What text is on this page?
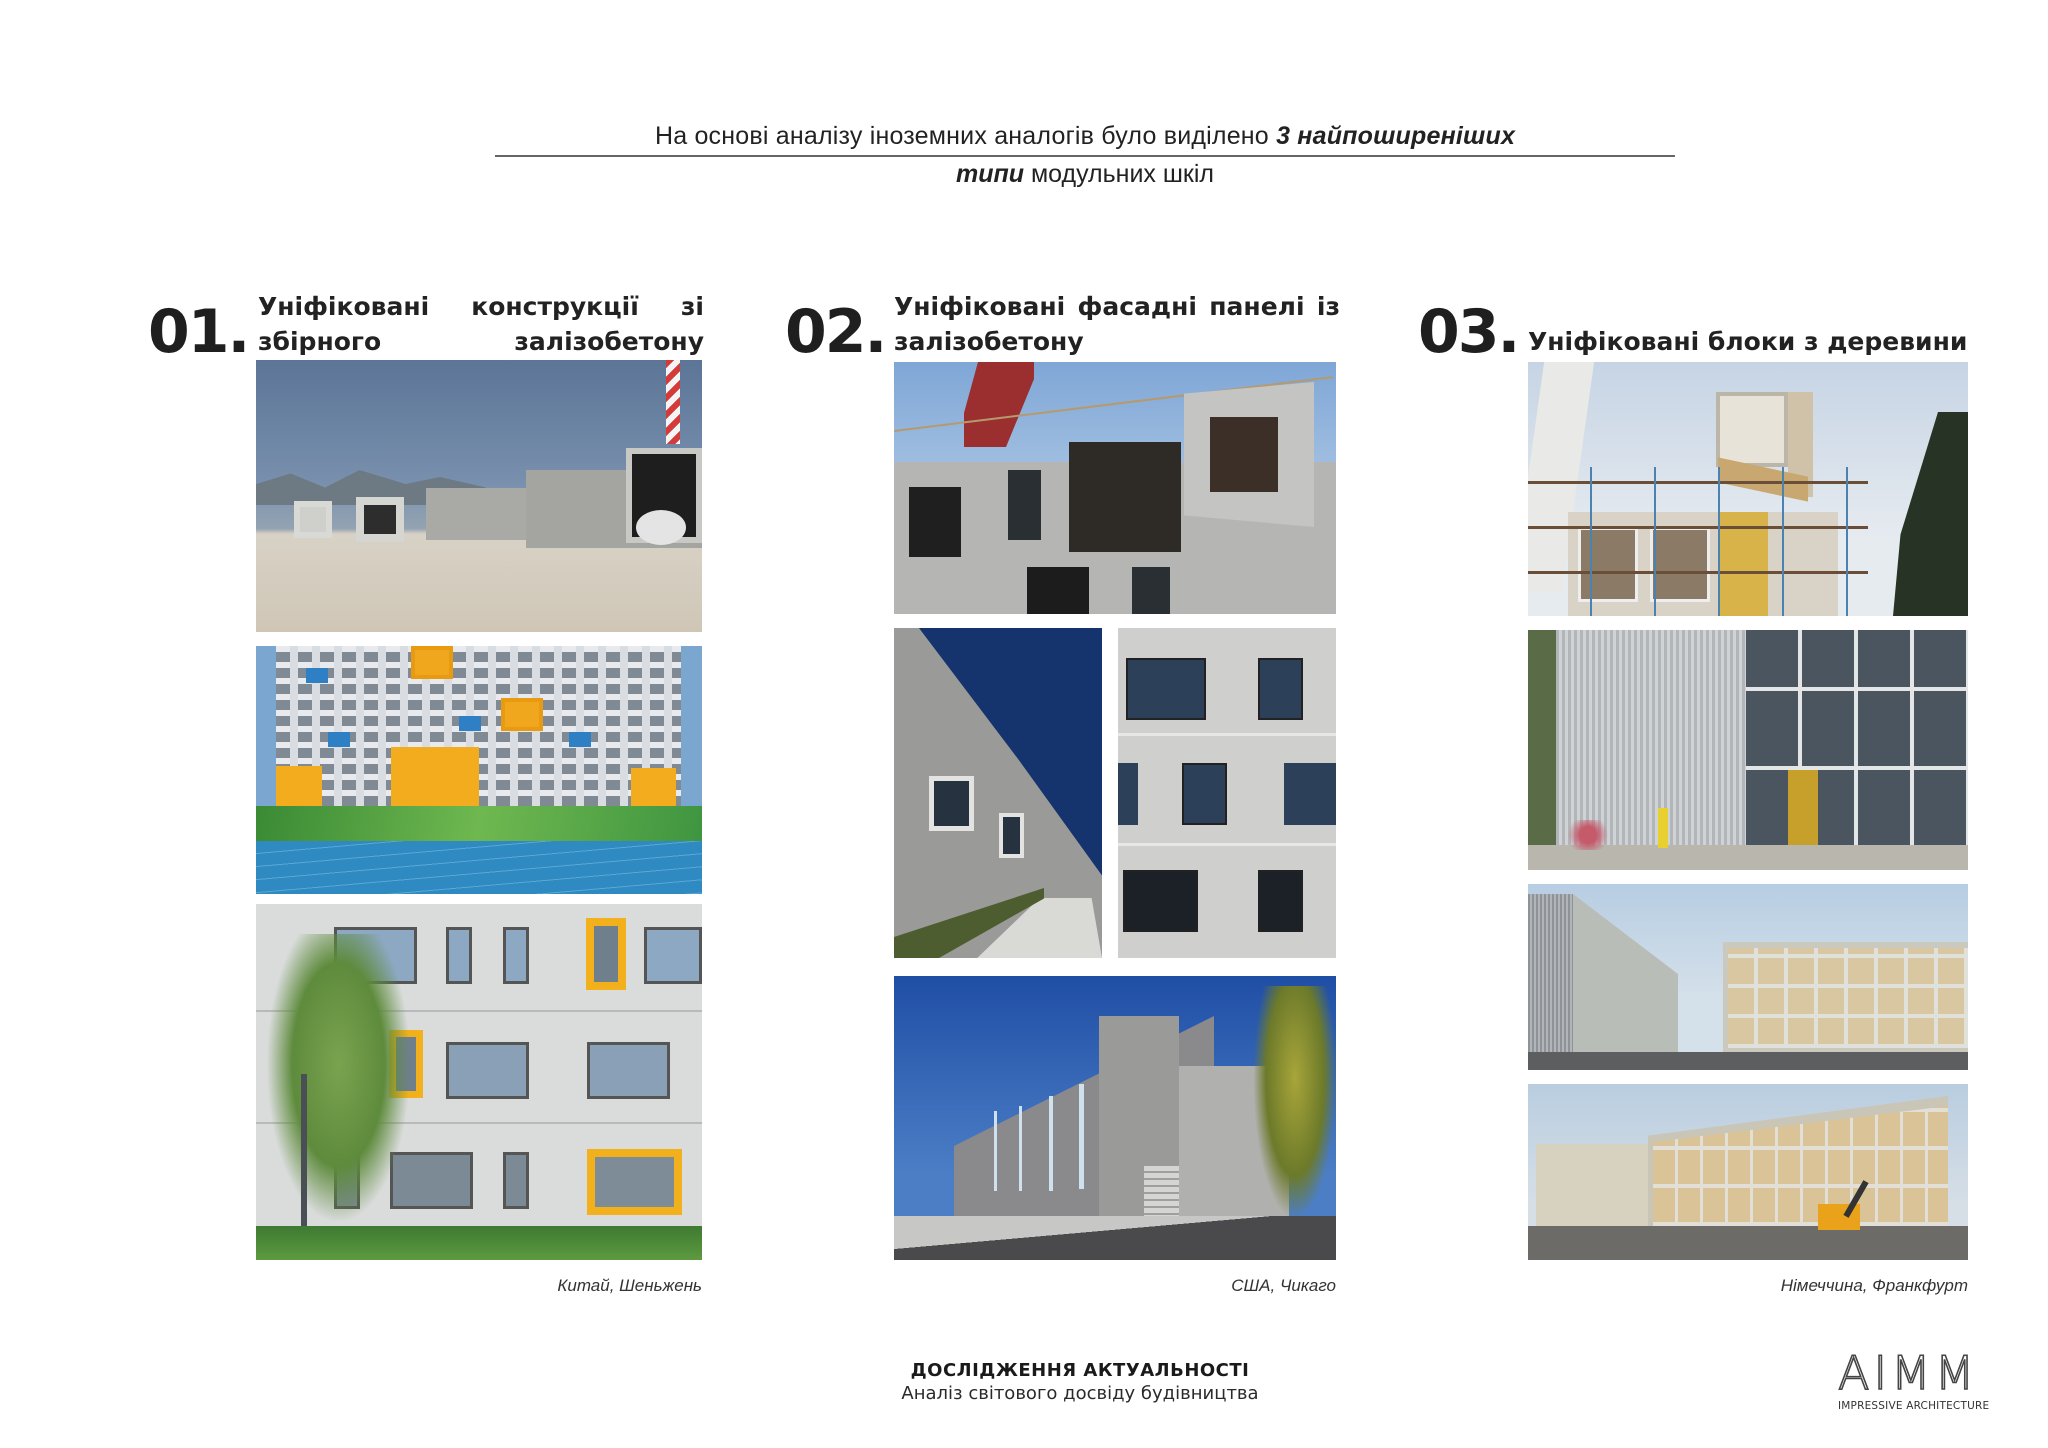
На основі аналізу іноземних аналогів було виділено 3 найпоширеніших
типи модульних шкіл
01. Уніфіковані конструкції зі збірного залізобетону
Китай, Шеньжень
02. Уніфіковані фасадні панелі із залізобетону
США, Чикаго
03. Уніфіковані блоки з деревини
Німеччина, Франкфурт
ДОСЛІДЖЕННЯ АКТУАЛЬНОСТІ
Аналіз світового досвіду будівництва	AIMM
IMPRESSIVE ARCHITECTURE
